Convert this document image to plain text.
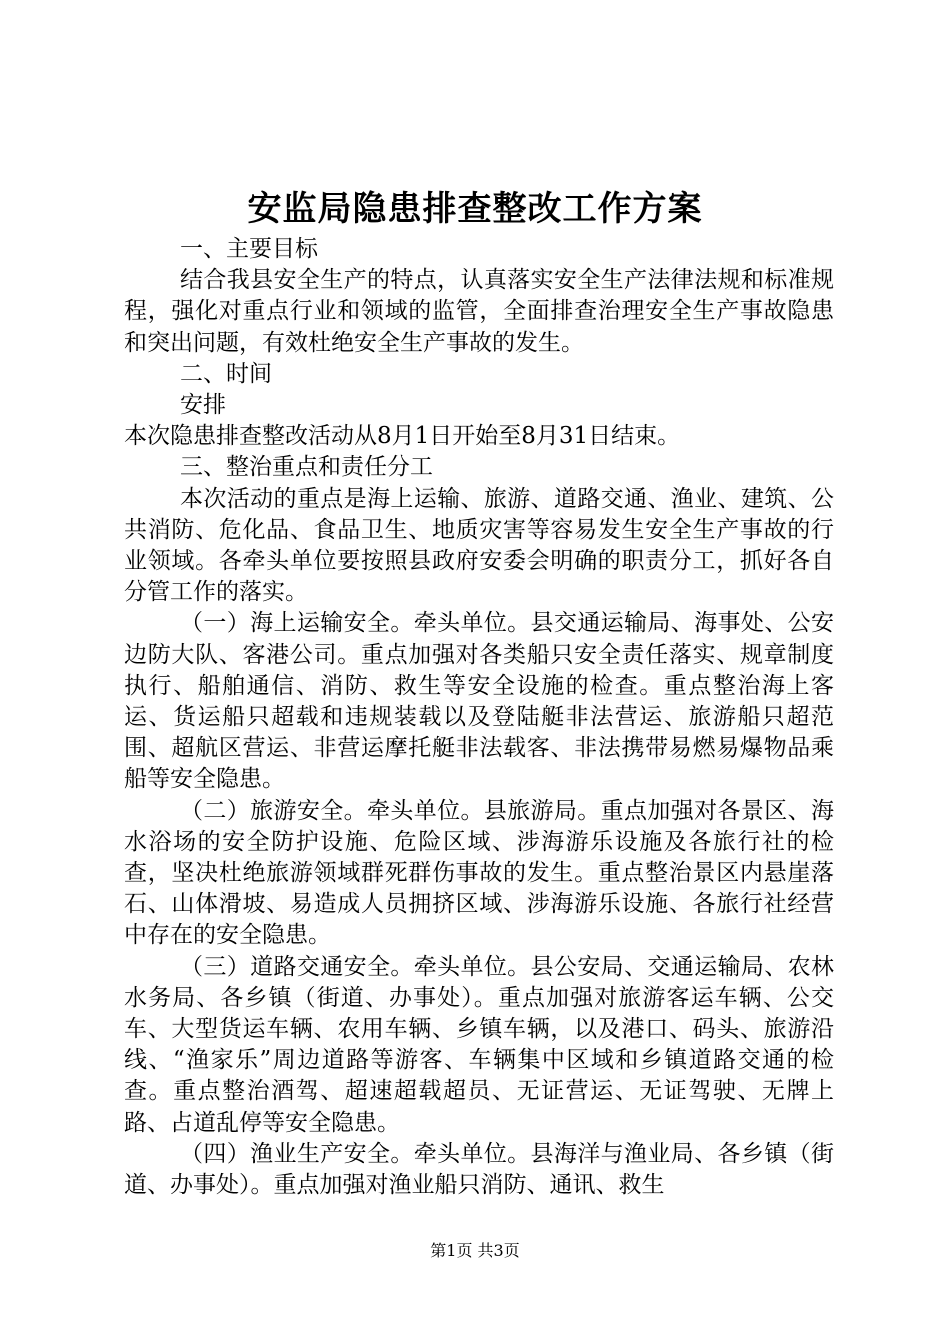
安监局隐患排查整改工作方案

一、主要目标

结合我县安全生产的特点，认真落实安全生产法律法规和标准规程，强化对重点行业和领域的监管，全面排查治理安全生产事故隐患和突出问题，有效杜绝安全生产事故的发生。

二、时间

安排

本次隐患排查整改活动从8月1日开始至8月31日结束。

三、整治重点和责任分工

本次活动的重点是海上运输、旅游、道路交通、渔业、建筑、公共消防、危化品、食品卫生、地质灾害等容易发生安全生产事故的行业领域。各牵头单位要按照县政府安委会明确的职责分工，抓好各自分管工作的落实。

（一）海上运输安全。牵头单位。县交通运输局、海事处、公安边防大队、客港公司。重点加强对各类船只安全责任落实、规章制度执行、船舶通信、消防、救生等安全设施的检查。重点整治海上客运、货运船只超载和违规装载以及登陆艇非法营运、旅游船只超范围、超航区营运、非营运摩托艇非法载客、非法携带易燃易爆物品乘船等安全隐患。

（二）旅游安全。牵头单位。县旅游局。重点加强对各景区、海水浴场的安全防护设施、危险区域、涉海游乐设施及各旅行社的检查，坚决杜绝旅游领域群死群伤事故的发生。重点整治景区内悬崖落石、山体滑坡、易造成人员拥挤区域、涉海游乐设施、各旅行社经营中存在的安全隐患。

（三）道路交通安全。牵头单位。县公安局、交通运输局、农林水务局、各乡镇（街道、办事处）。重点加强对旅游客运车辆、公交车、大型货运车辆、农用车辆、乡镇车辆，以及港口、码头、旅游沿线、“渔家乐”周边道路等游客、车辆集中区域和乡镇道路交通的检查。重点整治酒驾、超速超载超员、无证营运、无证驾驶、无牌上路、占道乱停等安全隐患。

（四）渔业生产安全。牵头单位。县海洋与渔业局、各乡镇（街道、办事处）。重点加强对渔业船只消防、通讯、救生

第1页 共3页
